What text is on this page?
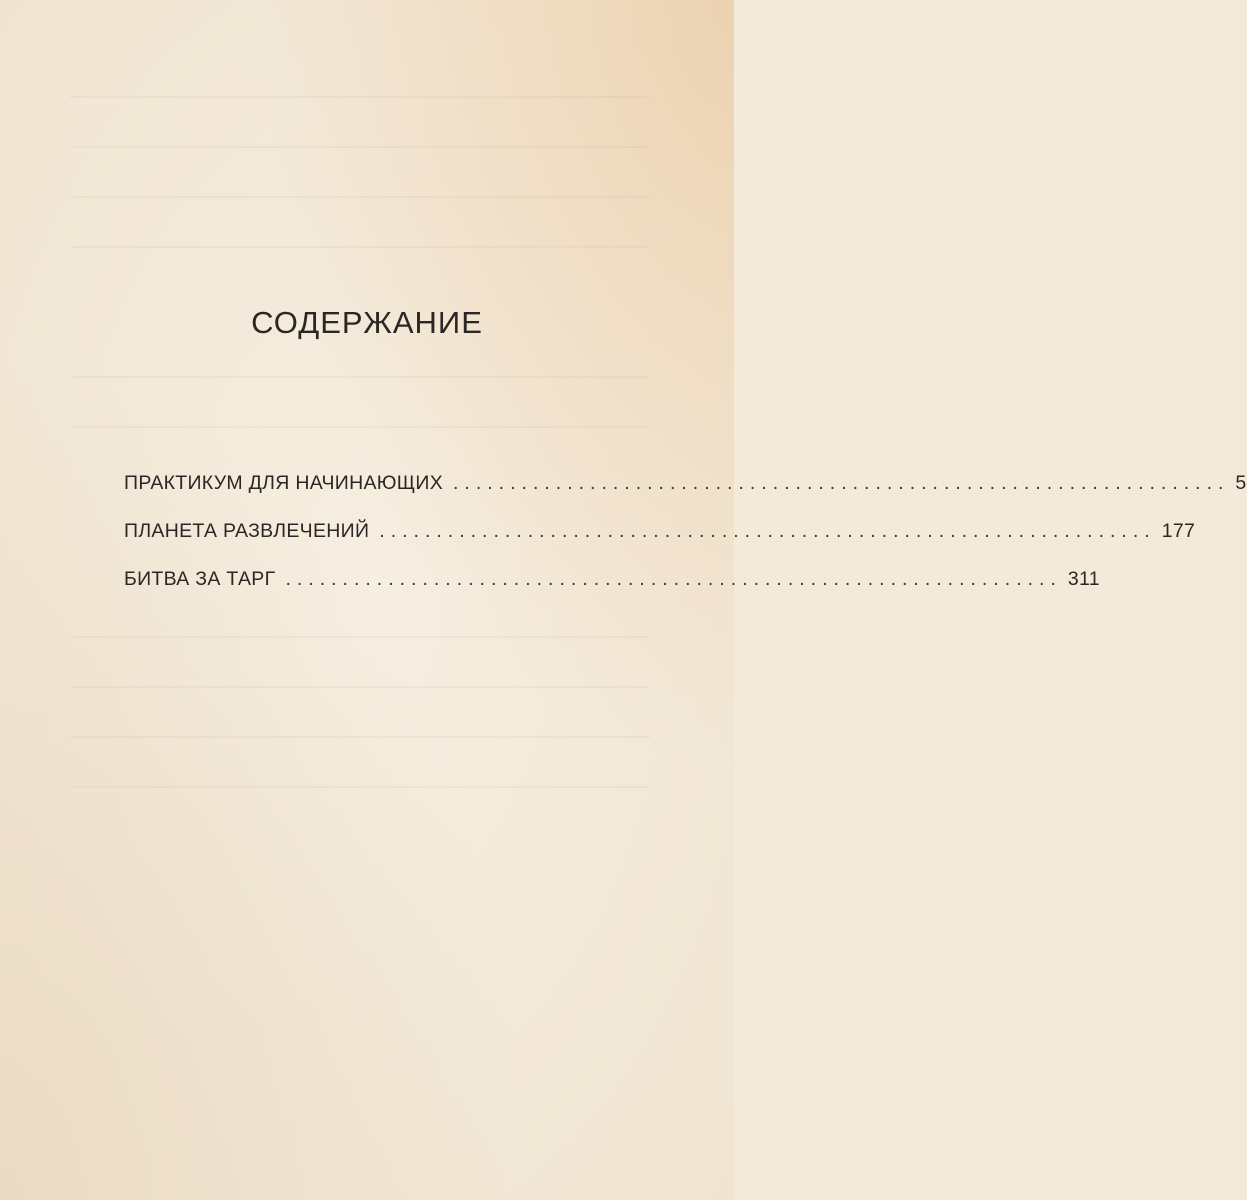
СОДЕРЖАНИЕ
ПРАКТИКУМ ДЛЯ НАЧИНАЮЩИХ .................................................................... 5
ПЛАНЕТА РАЗВЛЕЧЕНИЙ .................................................................... 177
БИТВА ЗА ТАРГ .................................................................... 311
